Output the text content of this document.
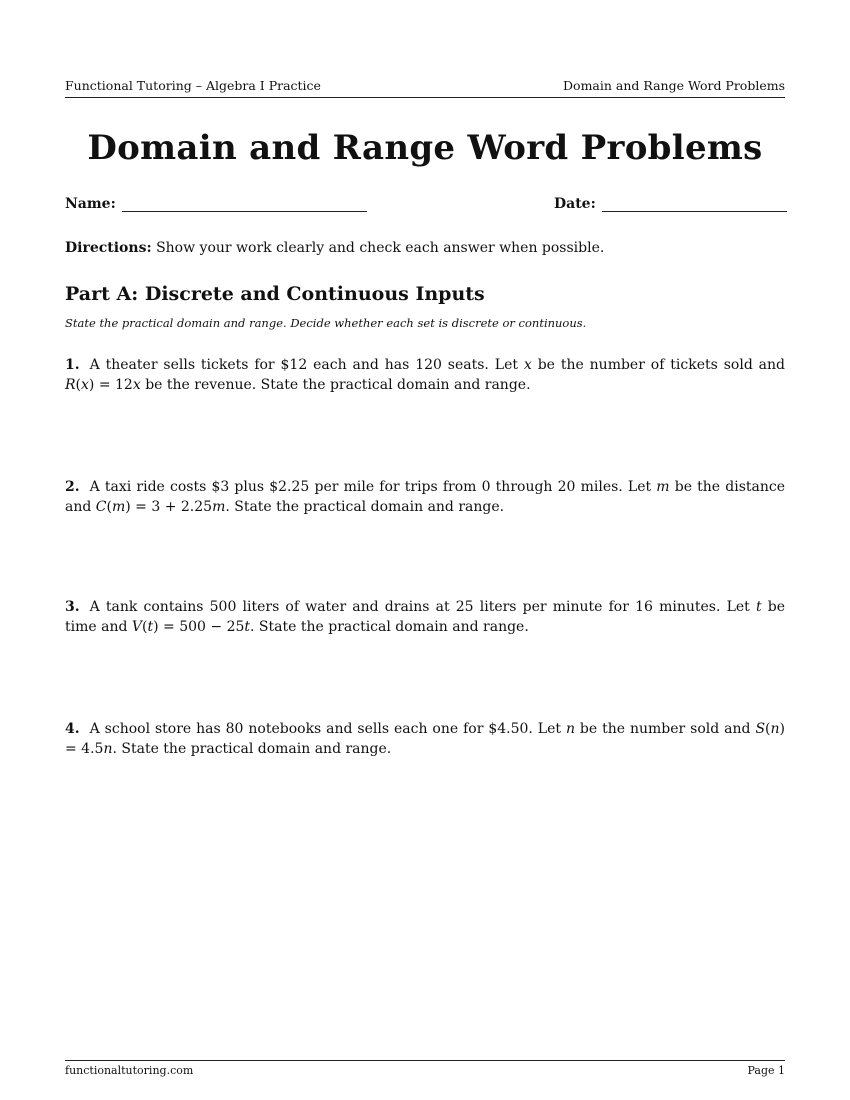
Functional Tutoring – Algebra I Practice	Domain and Range Word Problems
Domain and Range Word Problems
Name:	Date:

Directions: Show your work clearly and check each answer when possible.

Part A: Discrete and Continuous Inputs

State the practical domain and range. Decide whether each set is discrete or continuous.

1. A theater sells tickets for $12 each and has 120 seats. Let x be the number of tickets sold and R(x) = 12x be the revenue. State the practical domain and range.

2. A taxi ride costs $3 plus $2.25 per mile for trips from 0 through 20 miles. Let m be the distance and C(m) = 3 + 2.25m. State the practical domain and range.

3. A tank contains 500 liters of water and drains at 25 liters per minute for 16 minutes. Let t be time and V(t) = 500 − 25t. State the practical domain and range.

4. A school store has 80 notebooks and sells each one for $4.50. Let n be the number sold and S(n) = 4.5n. State the practical domain and range.

functionaltutoring.com	Page 1
